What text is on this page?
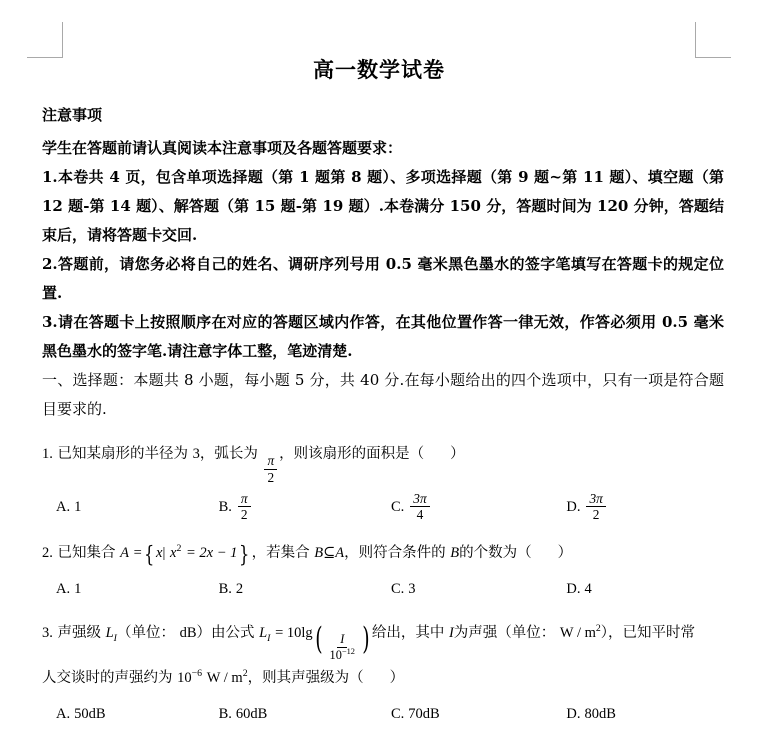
高一数学试卷
注意事项
学生在答题前请认真阅读本注意事项及各题答题要求：
1.本卷共 4 页，包含单项选择题（第 1 题第 8 题）、多项选择题（第 9 题~第 11 题）、填空题（第 12 题-第 14 题）、解答题（第 15 题-第 19 题）.本卷满分 150 分，答题时间为 120 分钟，答题结束后，请将答题卡交回.
2.答题前，请您务必将自己的姓名、调研序列号用 0.5 毫米黑色墨水的签字笔填写在答题卡的规定位置.
3.请在答题卡上按照顺序在对应的答题区域内作答，在其他位置作答一律无效，作答必须用 0.5 毫米黑色墨水的签字笔.请注意字体工整，笔迹清楚.
一、选择题：本题共 8 小题，每小题 5 分，共 40 分.在每小题给出的四个选项中，只有一项是符合题目要求的.
1. 已知某扇形的半径为 3，弧长为 $\frac{\pi}{2}$ ，则该扇形的面积是（ ）
A. 1	B. $\frac{\pi}{2}$	C. $\frac{3\pi}{4}$	D. $\frac{3\pi}{2}$
2. 已知集合 A ={ x| $x^2 = 2x - 1$} ，若集合 B⊆A，则符合条件的 B的个数为（ ）
A. 1	B. 2	C. 3	D. 4
3. 声强级 $L_I$（单位： dB）由公式 $L_I = 10\lg( \frac{I}{10^{-12}}$ ) 给出，其中 I为声强（单位： W / $m^2$），已知平时常
人交谈时的声强约为 $10^{-6}$ W / $m^2$，则其声强级为（ ）
A. 50dB	B. 60dB	C. 70dB	D. 80dB
